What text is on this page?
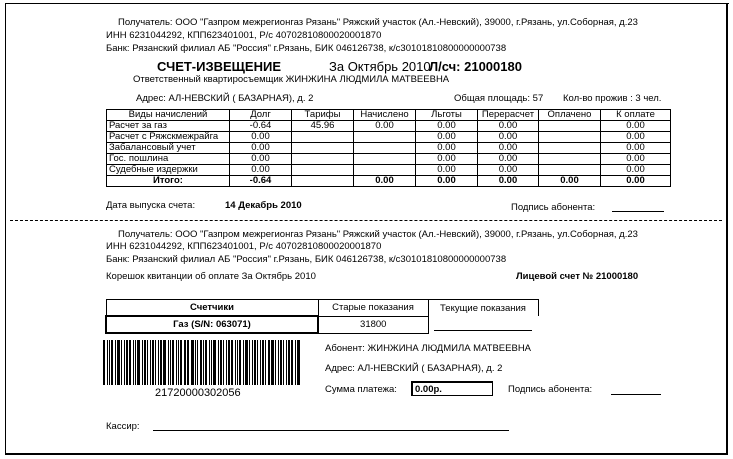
Получатель: ООО "Газпром межрегионгаз Рязань" Ряжский участок (Ал.-Невский), 39000, г.Рязань, ул.Соборная, д.23
ИНН 6231044292, КПП623401001, Р/с 40702810800020001870
Банк: Рязанский филиал АБ "Россия" г.Рязань, БИК 046126738, к/с30101810800000000738
СЧЕТ-ИЗВЕЩЕНИЕ	За Октябрь 2010
Л/сч: 21000180
Ответственный квартиросъемщик ЖИНЖИНА ЛЮДМИЛА МАТВЕЕВНА
Адрес: АЛ-НЕВСКИЙ ( БАЗАРНАЯ), д. 2	Общая площадь: 57 Кол-во прожив : 3 чел.
Виды начислений	Долг	Тарифы	Начислено	Льготы	Перерасчет	Оплачено	К оплате
Расчет за газ	-0.64	45.96	0.00	0.00	0.00		0.00
Расчет с Ряжскмежрайга	0.00			0.00	0.00		0.00
Забалансовый учет	0.00			0.00	0.00		0.00
Гос. пошлина	0.00			0.00	0.00		0.00
Судебные издержки	0.00			0.00	0.00		0.00
Итого:	-0.64		0.00	0.00	0.00	0.00	0.00
Дата выпуска счета:	14 Декабрь 2010	Подпись абонента:
Получатель: ООО "Газпром межрегионгаз Рязань" Ряжский участок (Ал.-Невский), 39000, г.Рязань, ул.Соборная, д.23
ИНН 6231044292, КПП623401001, Р/с 40702810800020001870
Банк: Рязанский филиал АБ "Россия" г.Рязань, БИК 046126738, к/с30101810800000000738
Корешок квитанции об оплате За Октябрь 2010	Лицевой счет № 21000180
Счетчики	Старые показания	Текущие показания
Газ (S/N: 063071)	31800	
21720000302056
Абонент: ЖИНЖИНА ЛЮДМИЛА МАТВЕЕВНА
Адрес: АЛ-НЕВСКИЙ ( БАЗАРНАЯ), д. 2
Сумма платежа:	0.00р.	Подпись абонента:
Кассир:
